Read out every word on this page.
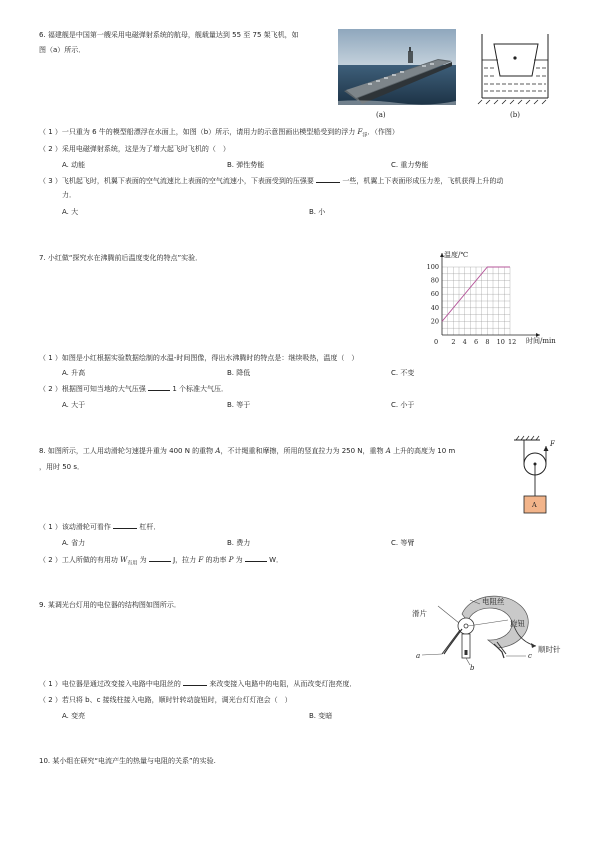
6. 福建舰是中国第一艘采用电磁弹射系统的航母，舰载量达到 55 至 75 架飞机，如
图（a）所示．
(a)	(b)
（ 1 ）一只重为 6 牛的模型船漂浮在水面上，如图（b）所示，请用力的示意图画出模型船受到的浮力 $F_浮$．（作图）
（ 2 ）采用电磁弹射系统，这是为了增大起飞时飞机的（　）
A. 动能	B. 弹性势能	C. 重力势能
（ 3 ）飞机起飞时，机翼下表面的空气流速比上表面的空气流速小，下表面受到的压强要	一些，机翼上下表面形成压力差，飞机获得上升的动
力．
A. 大	B. 小
7. 小红做“探究水在沸腾前后温度变化的特点”实验．
2 4 6 8 10 12
20
40
60
80
100
0
温度/℃
时间/min
（ 1 ）如图是小红根据实验数据绘制的水温-时间图像，得出水沸腾时的特点是：继续吸热，温度（　）
A. 升高	B. 降低	C. 不变
（ 2 ）根据图可知当地的大气压强	1 个标准大气压．
A. 大于	B. 等于	C. 小于
8. 如图所示，工人用动滑轮匀速提升重为 400 N 的重物 A，不计绳重和摩擦，所用的竖直拉力为 250 N，重物 A 上升的高度为 10 m
，用时 50 s．
F
A
（ 1 ）该动滑轮可看作	杠杆．
A. 省力	B. 费力	C. 等臂
（ 2 ）工人所做的有用功 $W_{有用}$ 为	J，拉力 F 的功率 P 为	W．
9. 某调光台灯用的电位器的结构图如图所示．
滑片
电阻丝
旋钮
顺时针
a
b
c
（ 1 ）电位器是通过改变接入电路中电阻丝的	来改变接入电路中的电阻，从而改变灯泡亮度．
（ 2 ）若只将 b、c 接线柱接入电路，顺时针转动旋钮时，调光台灯灯泡会（　）
A. 变亮	B. 变暗
10. 某小组在研究“电流产生的热量与电阻的关系”的实验.
